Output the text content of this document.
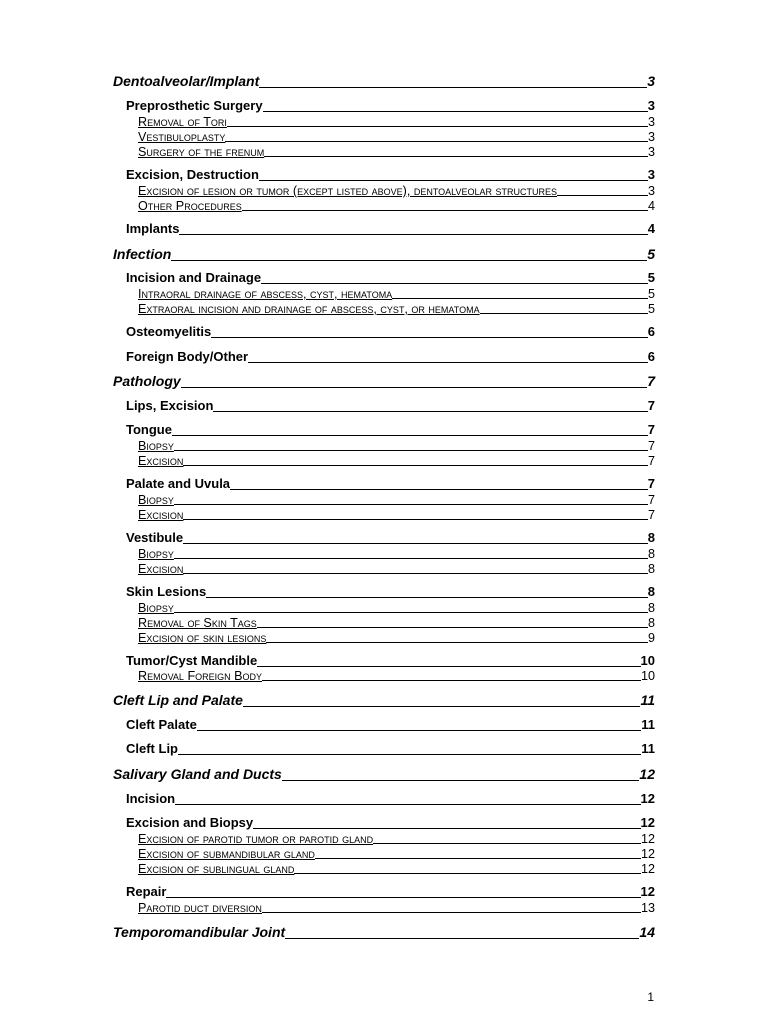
Dentoalveolar/Implant	3
Preprosthetic Surgery	3
Removal of Tori	3
Vestibuloplasty	3
Surgery of the frenum	3
Excision, Destruction	3
Excision of lesion or tumor (except listed above), dentoalveolar structures	3
Other Procedures	4
Implants	4
Infection	5
Incision and Drainage	5
Intraoral drainage of abscess, cyst, hematoma	5
Extraoral incision and drainage of abscess, cyst, or hematoma	5
Osteomyelitis	6
Foreign Body/Other	6
Pathology	7
Lips, Excision	7
Tongue	7
Biopsy	7
Excision	7
Palate and Uvula	7
Biopsy	7
Excision	7
Vestibule	8
Biopsy	8
Excision	8
Skin Lesions	8
Biopsy	8
Removal of Skin Tags	8
Excision of skin lesions	9
Tumor/Cyst Mandible	10
Removal Foreign Body	10
Cleft Lip and Palate	11
Cleft Palate	11
Cleft Lip	11
Salivary Gland and Ducts	12
Incision	12
Excision and Biopsy	12
Excision of parotid tumor or parotid gland	12
Excision of submandibular gland	12
Excision of sublingual gland	12
Repair	12
Parotid duct diversion	13
Temporomandibular Joint	14
1
